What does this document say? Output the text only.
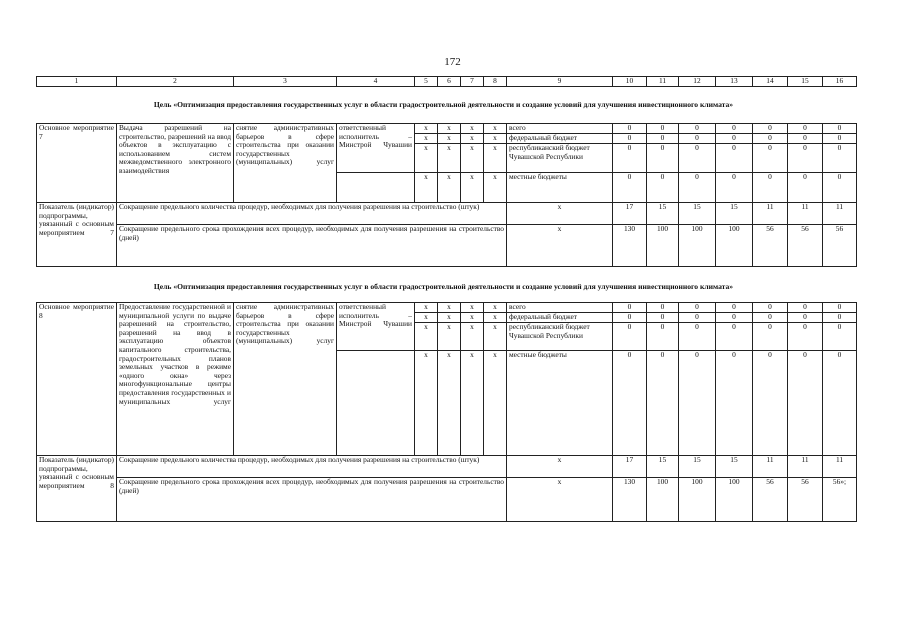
172
1	2	3	4	5	6	7	8	9	10	11	12	13	14	15	16
Цель «Оптимизация предоставления государственных услуг в области градостроительной деятельности и создание условий для улучшения инвестиционного климата»
Основное мероприятие 7	Выдача разрешений на строительство, разрешений на ввод объектов в эксплуатацию с использованием систем межведомственного электронного взаимодействия	снятие административных барьеров в сфере строительства при оказании государственных (муниципальных) услуг	ответственный исполнитель – Минстрой Чувашии	х	х	х	х	всего	0	0	0	0	0	0	0
				х	х	х	х	федеральный бюджет	0	0	0	0	0	0	0
				х	х	х	х	республиканский бюджет Чувашской Республики	0	0	0	0	0	0	0
				х	х	х	х	местные бюджеты	0	0	0	0	0	0	0
Показатель (индикатор) подпрограммы, увязанный с основным мероприятием 7	Сокращение предельного количества процедур, необходимых для получения разрешения на строительство (штук)							х	17	15	15	15	11	11	11
	Сокращение предельного срока прохождения всех процедур, необходимых для получения разрешения на строительство (дней)							х	130	100	100	100	56	56	56
Цель «Оптимизация предоставления государственных услуг в области градостроительной деятельности и создание условий для улучшения инвестиционного климата»
Основное мероприятие 8	Предоставление государственной и муниципальной услуги по выдаче разрешений на строительство, разрешений на ввод в эксплуатацию объектов капитального строительства, градостроительных планов земельных участков в режиме «одного окна» через многофункциональные центры предоставления государственных и муниципальных услуг	снятие административных барьеров в сфере строительства при оказании государственных (муниципальных) услуг	ответственный исполнитель – Минстрой Чувашии	х	х	х	х	всего	0	0	0	0	0	0	0
				х	х	х	х	федеральный бюджет	0	0	0	0	0	0	0
				х	х	х	х	республиканский бюджет Чувашской Республики	0	0	0	0	0	0	0
				х	х	х	х	местные бюджеты	0	0	0	0	0	0	0
Показатель (индикатор) подпрограммы, увязанный с основным мероприятием 8	Сокращение предельного количества процедур, необходимых для получения разрешения на строительство (штук)							х	17	15	15	15	11	11	11
	Сокращение предельного срока прохождения всех процедур, необходимых для получения разрешения на строительство (дней)							х	130	100	100	100	56	56	56»;
